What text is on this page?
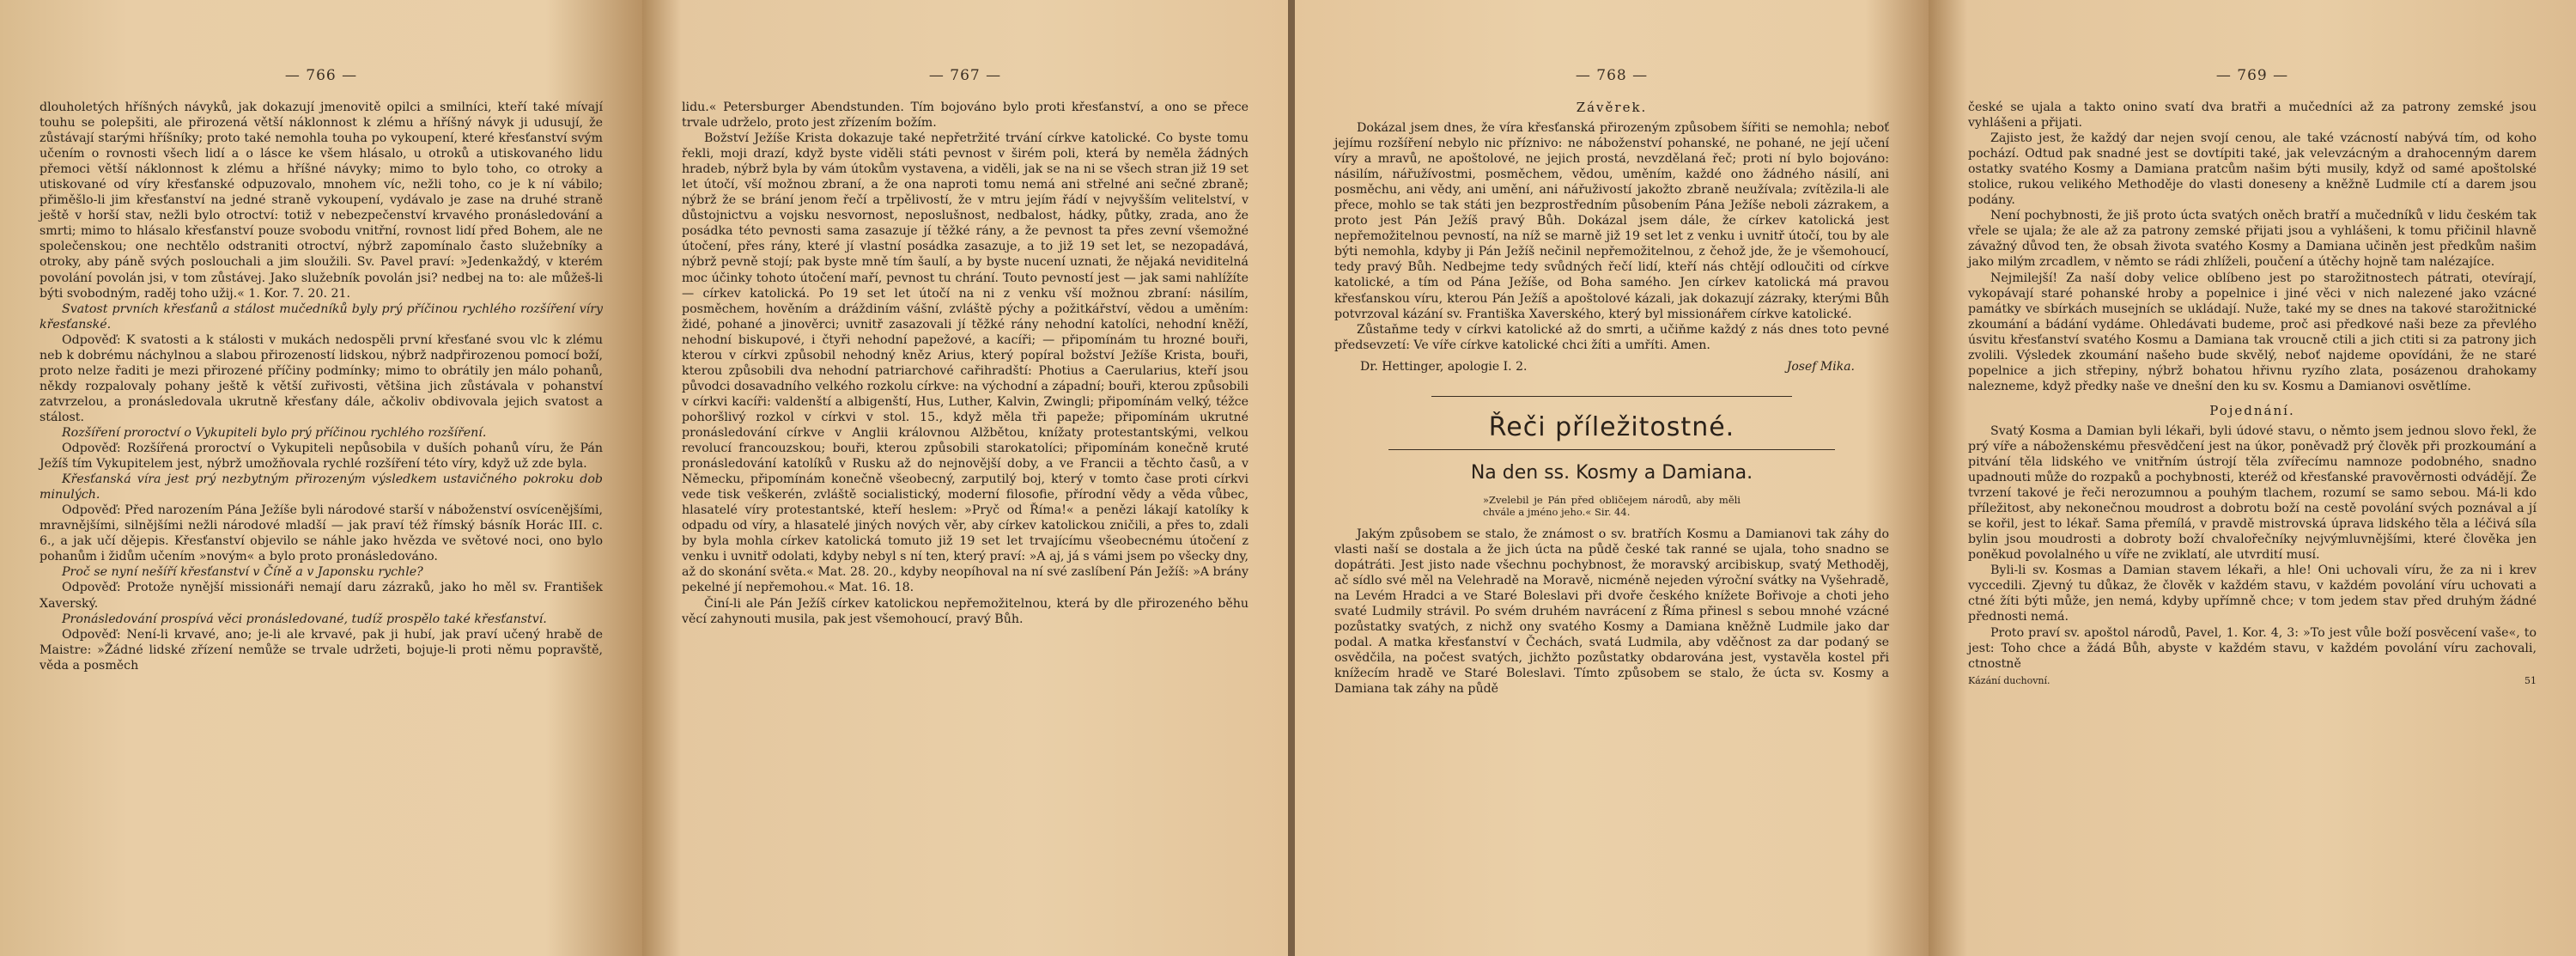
— 766 —

dlouholetých hříšných návyků, jak dokazují jmenovitě opilci a smilníci, kteří také mívají touhu se polepšiti, ale přirozená větší náklonnost k zlému a hříšný návyk ji udusují, že zůstávají starými hříšníky; proto také nemohla touha po vykoupení, které křesťanství svým učením o rovnosti všech lidí a o lásce ke všem hlásalo, u otroků a utiskovaného lidu přemoci větší náklonnost k zlému a hříšné návyky; mimo to bylo toho, co otroky a utiskované od víry křesťanské odpuzovalo, mnohem víc, nežli toho, co je k ní vábilo; přiměšlo-li jim křesťanství na jedné straně vykoupení, vydávalo je zase na druhé straně ještě v horší stav, nežli bylo otroctví: totiž v nebezpečenství krvavého pronásledování a smrti; mimo to hlásalo křesťanství pouze svobodu vnitřní, rovnost lidí před Bohem, ale ne společenskou; one nechtělo odstraniti otroctví, nýbrž zapomínalo často služebníky a otroky, aby páně svých poslouchali a jim sloužili. Sv. Pavel praví: »Jedenkaždý, v kterém povolání povolán jsi, v tom zůstávej. Jako služebník povolán jsi? nedbej na to: ale můžeš-li býti svobodným, raděj toho užij.« 1. Kor. 7. 20. 21.

Svatost prvních křesťanů a stálost mučedníků byly prý příčinou rychlého rozšíření víry křesťanské.

Odpověď: K svatosti a k stálosti v mukách nedospěli první křesťané svou vlc k zlému neb k dobrému náchylnou a slabou přirozeností lidskou, nýbrž nadpřirozenou pomocí boží, proto nelze řaditi je mezi přirozené příčiny podmínky; mimo to obrátily jen málo pohanů, někdy rozpalovaly pohany ještě k větší zuřivosti, většina jich zůstávala v pohanství zatvrzelou, a pronásledovala ukrutně křesťany dále, ačkoliv obdivovala jejich svatost a stálost.

Rozšíření proroctví o Vykupiteli bylo prý příčinou rychlého rozšíření.

Odpověď: Rozšířená proroctví o Vykupiteli nepůsobila v duších pohanů víru, že Pán Ježíš tím Vykupitelem jest, nýbrž umožňovala rychlé rozšíření této víry, když už zde byla.

Křesťanská víra jest prý nezbytným přirozeným výsledkem ustavičného pokroku dob minulých.

Odpověď: Před narozením Pána Ježíše byli národové starší v náboženství osvícenějšími, mravnějšími, silnějšími nežli národové mladší — jak praví též římský básník Horác III. c. 6., a jak učí dějepis. Křesťanství objevilo se náhle jako hvězda ve světové noci, ono bylo pohanům i židům učením »novým« a bylo proto pronásledováno.

Proč se nyní nešíří křesťanství v Číně a v Japonsku rychle?

Odpověď: Protože nynější missionáři nemají daru zázraků, jako ho měl sv. František Xaverský.

Pronásledování prospívá věci pronásledované, tudíž prospělo také křesťanství.

Odpověď: Není-li krvavé, ano; je-li ale krvavé, pak ji hubí, jak praví učený hrabě de Maistre: »Žádné lidské zřízení nemůže se trvale udržeti, bojuje-li proti němu popravště, věda a posměch

— 767 —

lidu.« Petersburger Abendstunden. Tím bojováno bylo proti křesťanství, a ono se přece trvale udrželo, proto jest zřízením božím.

Božství Ježíše Krista dokazuje také nepřetržité trvání církve katolické. Co bystе tomu řekli, moji drazí, když byste viděli státi pevnost v širém poli, která by neměla žádných hradeb, nýbrž byla by vám útokům vystavena, a viděli, jak se na ni se všech stran již 19 set let útočí, vší možnou zbraní, a že ona naproti tomu nemá ani střelné ani sečné zbraně; nýbrž že se brání jenom řečí a trpělivostí, že v mtru jejím řádí v nejvyšším velitelství, v důstojnictvu a vojsku nesvornost, neposlušnost, nedbalost, hádky, půtky, zrada, ano že posádka této pevnosti sama zasazuje jí těžké rány, a že pevnost ta přes zevní všemožné útočení, přes rány, které jí vlastní posádka zasazuje, a to již 19 set let, se nezopadává, nýbrž pevně stojí; pak byste mně tím šaulí, a by byste nucení uznati, že nějaká neviditelná moc účinky tohoto útočení maří, pevnost tu chrání. Touto pevností jest — jak sami nahlížíte — církev katolická. Po 19 set let útočí na ni z venku vší možnou zbraní: násilím, posměchem, hověním a dráždiním vášní, zvláště pýchy a požitkářství, vědou a uměním: židé, pohané a jinověrci; uvnitř zasazovali jí těžké rány nehodní katolíci, nehodní kněží, nehodní biskupové, i čtyři nehodní papežové, a kacíři; — připomínám tu hrozné bouři, kterou v církvi způsobil nehodný kněz Arius, který popíral božství Ježíše Krista, bouři, kterou způsobili dva nehodní patriarchové cařihradští: Photius a Caerularius, kteří jsou původci dosavadního velkého rozkolu církve: na východní a západní; bouři, kterou způsobili v církvi kacíři: valdenští a albigenští, Hus, Luther, Kalvin, Zwingli; připomínám velký, téžce pohoršlivý rozkol v církvi v stol. 15., když měla tři papeže; připomínám ukrutné pronásledování církve v Anglii královnou Alžbětou, knížaty protestantskými, velkou revolucí francouzskou; bouři, kterou způsobili starokatolíci; připomínám konečně kruté pronásledování katolíků v Rusku až do nejnovější doby, a ve Francii a těchto časů, a v Německu, připomínám konečně všeobecný, zarputilý boj, který v tomto čase proti církvi vede tisk veškerén, zvláště socialistický, moderní filosofie, přírodní vědy a věda vůbec, hlasatelé víry protestantské, kteří heslem: »Pryč od Říma!« a penězi lákají katolíky k odpadu od víry, a hlasatelé jiných nových věr, aby církev katolickou zničili, a přes to, zdali by byla mohla církev katolická tomuto již 19 set let trvajícímu všeobecnému útočení z venku i uvnitř odolati, kdyby nebyl s ní ten, který praví: »A aj, já s vámi jsem po všecky dny, až do skonání světa.« Mat. 28. 20., kdyby neopíhoval na ní své zaslíbení Pán Ježíš: »A brány pekelné jí nepřemohou.« Mat. 16. 18.

Činí-li ale Pán Ježíš církev katolickou nepřemožitelnou, která by dle přirozeného běhu věcí zahynouti musila, pak jest všemohoucí, pravý Bůh.

— 768 —
Závěrek.

Dokázal jsem dnes, že víra křesťanská přirozeným způsobem šířiti se nemohla; neboť jejímu rozšíření nebylo nic příznivo: ne náboženství pohanské, ne pohané, ne její učení víry a mravů, ne apoštolové, ne jejich prostá, nevzdělaná řeč; proti ní bylo bojováno: násilím, nářužívostmi, posměchem, vědou, uměním, každé ono žádného násilí, ani posměchu, ani vědy, ani umění, ani nářuživostí jakožto zbraně neužívala; zvítězila-li ale přece, mohlo se tak státi jen bezprostředním působením Pána Ježíše neboli zázrakem, a proto jest Pán Ježíš pravý Bůh. Dokázal jsem dále, že církev katolická jest nepřemožitelnou pevností, na níž se marně již 19 set let z venku i uvnitř útočí, tou by ale býti nemohla, kdyby ji Pán Ježíš nečinil nepřemožitelnou, z čehož jde, že je všemohoucí, tedy pravý Bůh. Nedbejme tedy svůdných řečí lidí, kteří nás chtějí odloučiti od církve katolické, a tím od Pána Ježíše, od Boha samého. Jen církev katolická má pravou křesťanskou víru, kterou Pán Ježíš a apoštolové kázali, jak dokazují zázraky, kterými Bůh potvrzoval kázání sv. Františka Xaverského, který byl missionářem církve katolické.

Zůstaňme tedy v církvi katolické až do smrti, a učiňme každý z nás dnes toto pevné předsevzetí: Ve víře církve katolické chci žíti a umříti. Amen.

Dr. Hettinger, apologie I. 2.	Josef Mika.
Řeči příležitostné.
Na den ss. Kosmy a Damiana.
»Zvelebil je Pán před obličejem národů, aby měli chvále a jméno jeho.« Sir. 44.

Jakým způsobem se stalo, že známost o sv. bratřích Kosmu a Damianovi tak záhy do vlasti naší se dostala a že jich úcta na půdě české tak ranné se ujala, toho snadno se dopátráti. Jest jisto nade všechnu pochybnost, že moravský arcibiskup, svatý Methoděj, ač sídlo své měl na Velehradě na Moravě, nicméně nejeden výroční svátky na Vyšehradě, na Levém Hradci a ve Staré Boleslavi při dvoře českého knížete Bořivoje a choti jeho svaté Ludmily strávil. Po svém druhém navrácení z Říma přinesl s sebou mnohé vzácné pozůstatky svatých, z nichž ony svatého Kosmy a Damiana kněžně Ludmile jako dar podal. A matka křesťanství v Čechách, svatá Ludmila, aby vděčnost za dar podaný se osvědčila, na počest svatých, jichžto pozůstatky obdarována jest, vystavěla kostel při knížecím hradě ve Staré Boleslavi. Tímto způsobem se stalo, že úcta sv. Kosmy a Damiana tak záhy na půdě

— 769 —

české se ujala a takto onino svatí dva bratři a mučedníci až za patrony zemské jsou vyhlášeni a přijati.

Zajisto jest, že každý dar nejen svojí cenou, ale také vzácností nabývá tím, od koho pochází. Odtud pak snadné jest se dovtípiti také, jak velevzácným a drahocenným darem ostatky svatého Kosmy a Damiana pratcům našim býti musily, když od samé apoštolské stolice, rukou velikého Methoděje do vlasti doneseny a kněžně Ludmile ctí a darem jsou podány.

Není pochybnosti, že jiš proto úcta svatých oněch bratří a mučedníků v lidu českém tak vřele se ujala; že ale až za patrony zemské přijati jsou a vyhlášeni, k tomu přičinil hlavně závažný důvod ten, že obsah života svatého Kosmy a Damiana učiněn jest předkům našim jako milým zrcadlem, v němto se rádi zhlíželi, poučení a útěchy hojně tam nalézajíce.

Nejmilejší! Za naší doby velice oblíbeno jest po starožitnostech pátrati, otevírají, vykopávají staré pohanské hroby a popelnice i jiné věci v nich nalezené jako vzácné památky ve sbírkách musejních se ukládají. Nuže, také my se dnes na takové starožitnické zkoumání a bádání vydáme. Ohledávati budeme, proč asi předkové naši beze za převlého úsvitu křesťanství svatého Kosmu a Damiana tak vroucně ctili a jich ctiti si za patrony jich zvolili. Výsledek zkoumání našeho bude skvělý, neboť najdeme opovídáni, že ne staré popelnice a jich střepiny, nýbrž bohatou hřivnu ryzího zlata, posázenou drahokamy nalezneme, když předky naše ve dnešní den ku sv. Kosmu a Damianovi osvětlíme.

Pojednání.

Svatý Kosma a Damian byli lékaři, byli údové stavu, o němto jsem jednou slovo řekl, že prý víře a náboženskému přesvědčení jest na úkor, poněvadž prý člověk při prozkoumání a pitvání těla lidského ve vnitřním ústrojí těla zvířecímu namnoze podobného, snadno upadnouti může do rozpaků a pochybnosti, kteréž od křesťanské pravověrnosti odvádějí. Že tvrzení takové je řeči nerozumnou a pouhým tlachem, rozumí se samo sebou. Má-li kdo příležitost, aby nekonečnou moudrost a dobrotu boží na cestě povolání svých poznával a jí se kořil, jest to lékař. Sama přemílá, v pravdě mistrovská úprava lidského těla a léčivá síla bylin jsou moudrosti a dobroty boží chvalořečníky nejvýmluvnějšími, které člověka jen poněkud povolalného u víře ne zviklatí, ale utvrdití musí.

Byli-li sv. Kosmas a Damian stavem lékaři, a hle! Oni uchovali víru, že za ni i krev vyccedili. Zjevný tu důkaz, že člověk v každém stavu, v každém povolání víru uchovati a ctné žíti býti může, jen nemá, kdyby upřímně chce; v tom jedem stav před druhým žádné přednosti nemá.

Proto praví sv. apoštol národů, Pavel, 1. Kor. 4, 3: »To jest vůle boží posvěcení vaše«, to jest: Toho chce a žádá Bůh, abyste v každém stavu, v každém povolání víru zachovali, ctnostně

Kázání duchovní.	51
